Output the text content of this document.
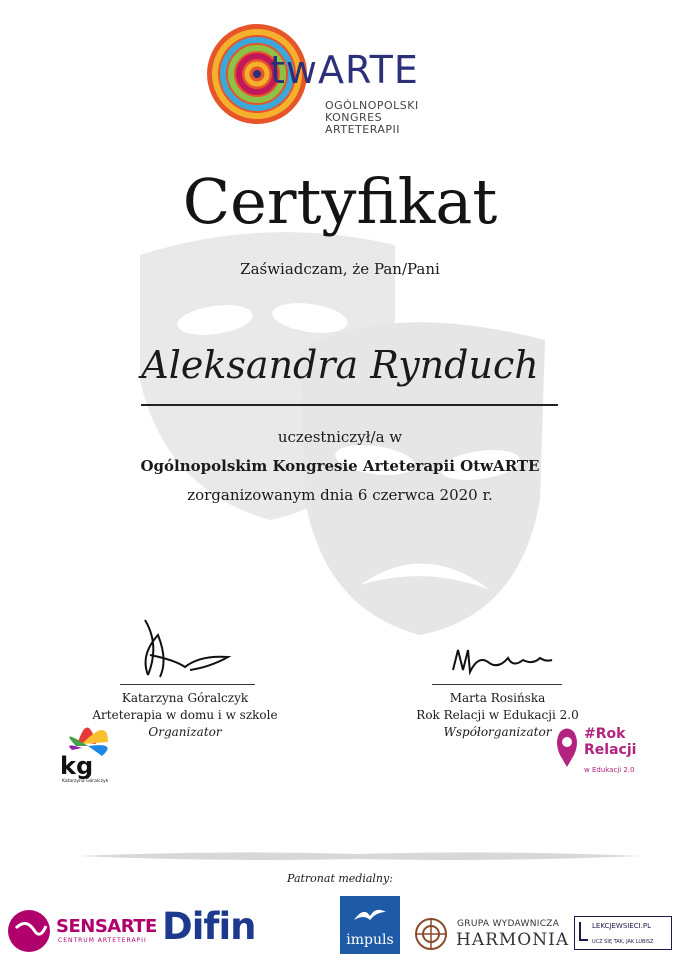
twARTE
OGÓLNOPOLSKI
KONGRES
ARTETERAPII
Certyfikat
Zaświadczam, że Pan/Pani
Aleksandra Rynduch
uczestniczył/a w
Ogólnopolskim Kongresie Arteterapii OtwARTE
zorganizowanym dnia 6 czerwca 2020 r.
Katarzyna Góralczyk
Arteterapia w domu i w szkole
Organizator
Marta Rosińska
Rok Relacji w Edukacji 2.0
Współorganizator
kg
Katarzyna Góralczyk
#Rok
Relacji
w Edukacji 2.0
Patronat medialny:
SENSARTE
CENTRUM ARTETERAPII Difin	impuls
GRUPA WYDAWNICZA
HARMONIA
LEKCJEWSIECI.PL
UCZ SIĘ TAK, JAK LUBISZ
